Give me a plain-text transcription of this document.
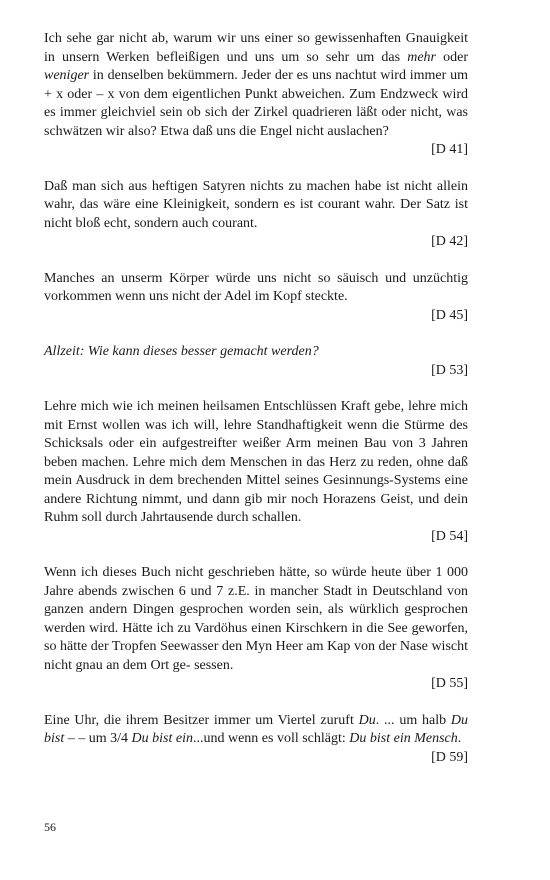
Ich sehe gar nicht ab, warum wir uns einer so gewissenhaften Gnauigkeit in unsern Werken befleißigen und uns um so sehr um das mehr oder weniger in denselben bekümmern. Jeder der es uns nachtut wird immer um + x oder – x von dem eigentlichen Punkt abweichen. Zum Endzweck wird es immer gleichviel sein ob sich der Zirkel quadrieren läßt oder nicht, was schwätzen wir also? Etwa daß uns die Engel nicht auslachen?

[D 41]

Daß man sich aus heftigen Satyren nichts zu machen habe ist nicht allein wahr, das wäre eine Kleinigkeit, sondern es ist courant wahr. Der Satz ist nicht bloß echt, sondern auch courant.

[D 42]

Manches an unserm Körper würde uns nicht so säuisch und unzüchtig vorkommen wenn uns nicht der Adel im Kopf steckte.

[D 45]

Allzeit: Wie kann dieses besser gemacht werden?

[D 53]

Lehre mich wie ich meinen heilsamen Entschlüssen Kraft gebe, lehre mich mit Ernst wollen was ich will, lehre Standhaftigkeit wenn die Stürme des Schicksals oder ein aufgestreifter weißer Arm meinen Bau von 3 Jahren beben machen. Lehre mich dem Menschen in das Herz zu reden, ohne daß mein Ausdruck in dem brechenden Mittel seines Gesinnungs-Systems eine andere Richtung nimmt, und dann gib mir noch Horazens Geist, und dein Ruhm soll durch Jahrtausende durch schallen.

[D 54]

Wenn ich dieses Buch nicht geschrieben hätte, so würde heute über 1 000 Jahre abends zwischen 6 und 7 z.E. in mancher Stadt in Deutschland von ganzen andern Dingen gesprochen worden sein, als würklich gesprochen werden wird. Hätte ich zu Vardöhus einen Kirschkern in die See geworfen, so hätte der Tropfen Seewasser den Myn Heer am Kap von der Nase wischt nicht gnau an dem Ort ge- sessen.

[D 55]

Eine Uhr, die ihrem Besitzer immer um Viertel zuruft Du. ... um halb Du bist – – um 3/4 Du bist ein...und wenn es voll schlägt: Du bist ein Mensch.

[D 59]

56
